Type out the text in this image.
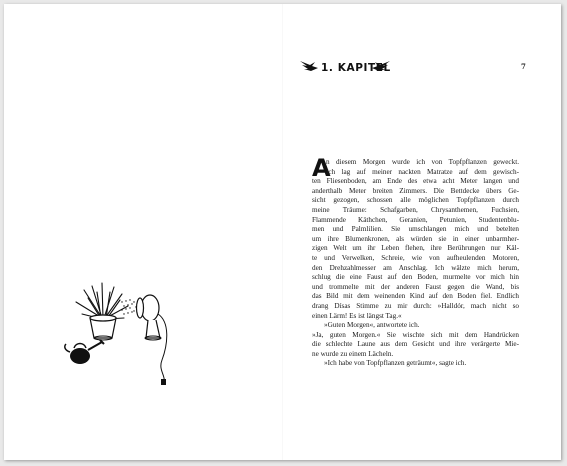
1. KAPITEL	7
A
n diesem Morgen wurde ich von Topfpflanzen geweckt.
Ich lag auf meiner nackten Matratze auf dem gewisch-
ten Fliesenboden, am Ende des etwa acht Meter langen und
anderthalb Meter breiten Zimmers. Die Bettdecke übers Ge-
sicht gezogen, schossen alle möglichen Topfpflanzen durch
meine Träume: Schafgarben, Chrysanthemen, Fuchsien,
Flammende Käthchen, Geranien, Petunien, Studentenblu-
men und Palmlilien. Sie umschlangen mich und betelten
um ihre Blumenkronen, als würden sie in einer unbarmher-
zigen Welt um ihr Leben flehen, ihre Berührungen nur Käl-
te und Verwelken, Schreie, wie von aufheulenden Motoren,
den Drehzahlmesser am Anschlag. Ich wälzte mich herum,
schlug die eine Faust auf den Boden, murmelte vor mich hin
und trommelte mit der anderen Faust gegen die Wand, bis
das Bild mit dem weinenden Kind auf den Boden fiel. Endlich
drang Dísas Stimme zu mir durch: »Halldór, mach nicht so
einen Lärm! Es ist längst Tag.«
»Guten Morgen«, antwortete ich.
»Ja, guten Morgen.« Sie wischte sich mit dem Handrücken
die schlechte Laune aus dem Gesicht und ihre verärgerte Mie-
ne wurde zu einem Lächeln.
»Ich habe von Topfpflanzen geträumt«, sagte ich.
